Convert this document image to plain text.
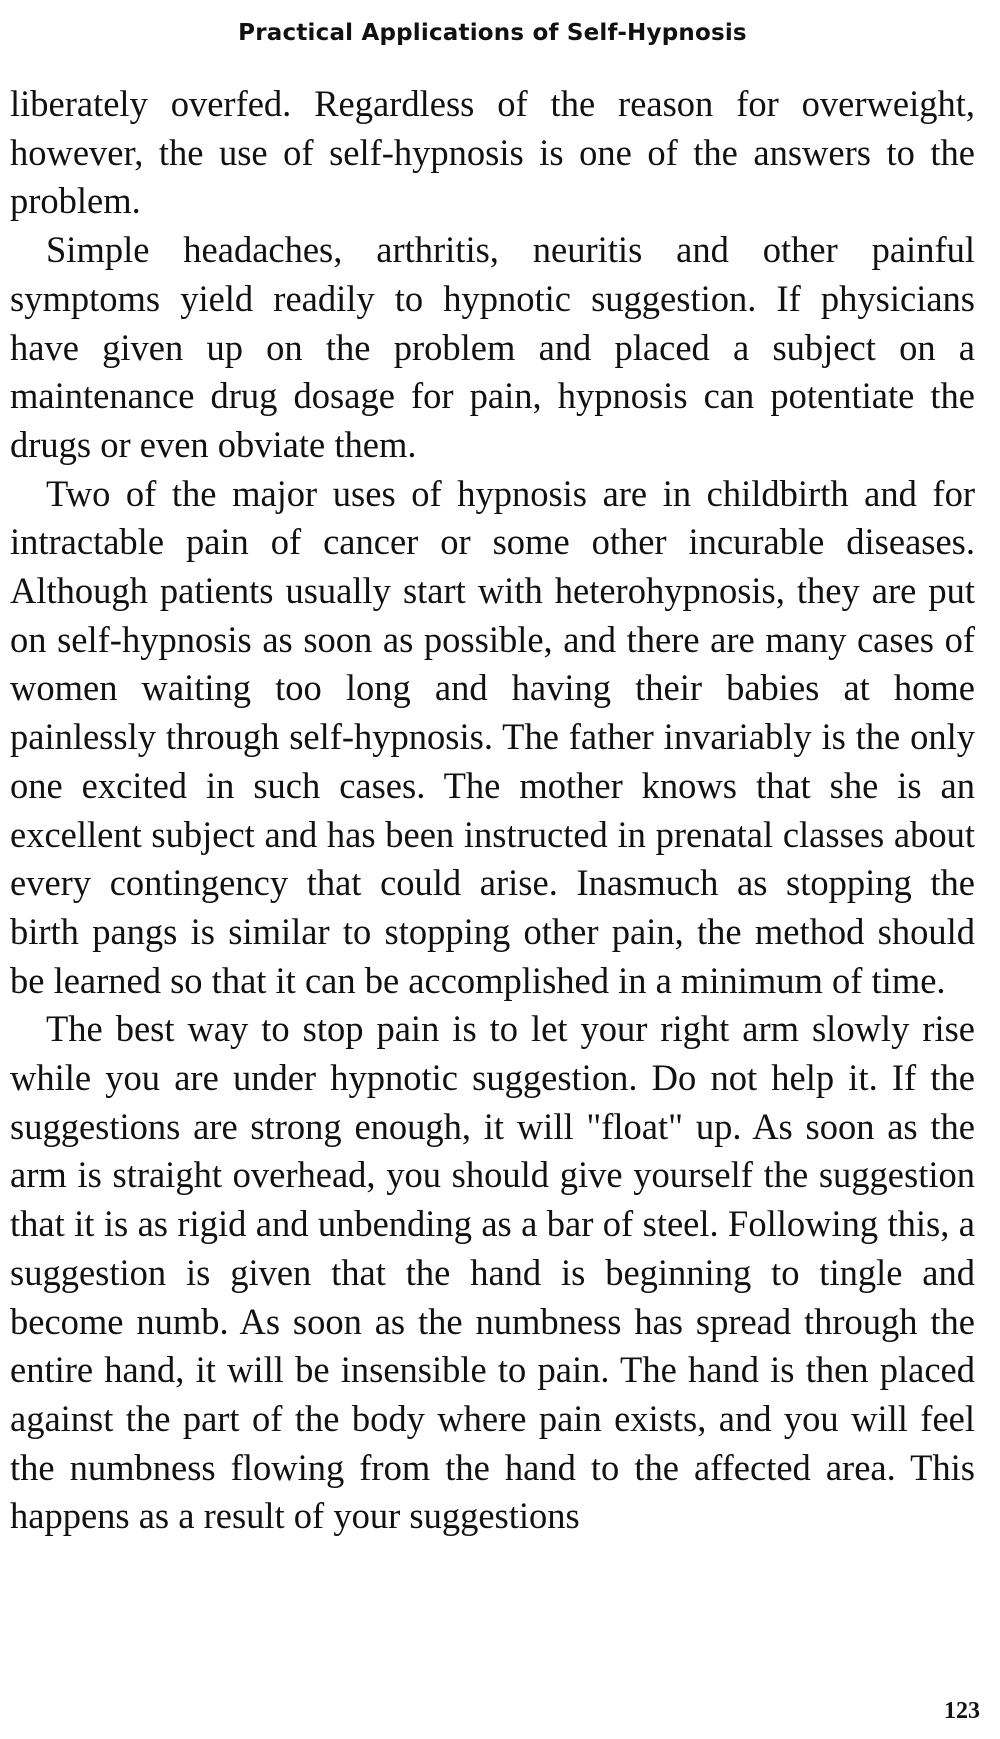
Practical Applications of Self-Hypnosis

liberately overfed. Regardless of the reason for overweight, however, the use of self-hypnosis is one of the answers to the problem.

Simple headaches, arthritis, neuritis and other painful symptoms yield readily to hypnotic suggestion. If physicians have given up on the problem and placed a subject on a maintenance drug dosage for pain, hypnosis can potentiate the drugs or even obviate them.

Two of the major uses of hypnosis are in childbirth and for intractable pain of cancer or some other incurable diseases. Although patients usually start with heterohypnosis, they are put on self-hypnosis as soon as possible, and there are many cases of women waiting too long and having their babies at home painlessly through self-hypnosis. The father invariably is the only one excited in such cases. The mother knows that she is an excellent subject and has been instructed in prenatal classes about every contingency that could arise. Inasmuch as stopping the birth pangs is similar to stopping other pain, the method should be learned so that it can be accomplished in a minimum of time.

The best way to stop pain is to let your right arm slowly rise while you are under hypnotic suggestion. Do not help it. If the suggestions are strong enough, it will "float" up. As soon as the arm is straight overhead, you should give yourself the suggestion that it is as rigid and unbending as a bar of steel. Following this, a suggestion is given that the hand is beginning to tingle and become numb. As soon as the numbness has spread through the entire hand, it will be insensible to pain. The hand is then placed against the part of the body where pain exists, and you will feel the numbness flowing from the hand to the affected area. This happens as a result of your suggestions

123
